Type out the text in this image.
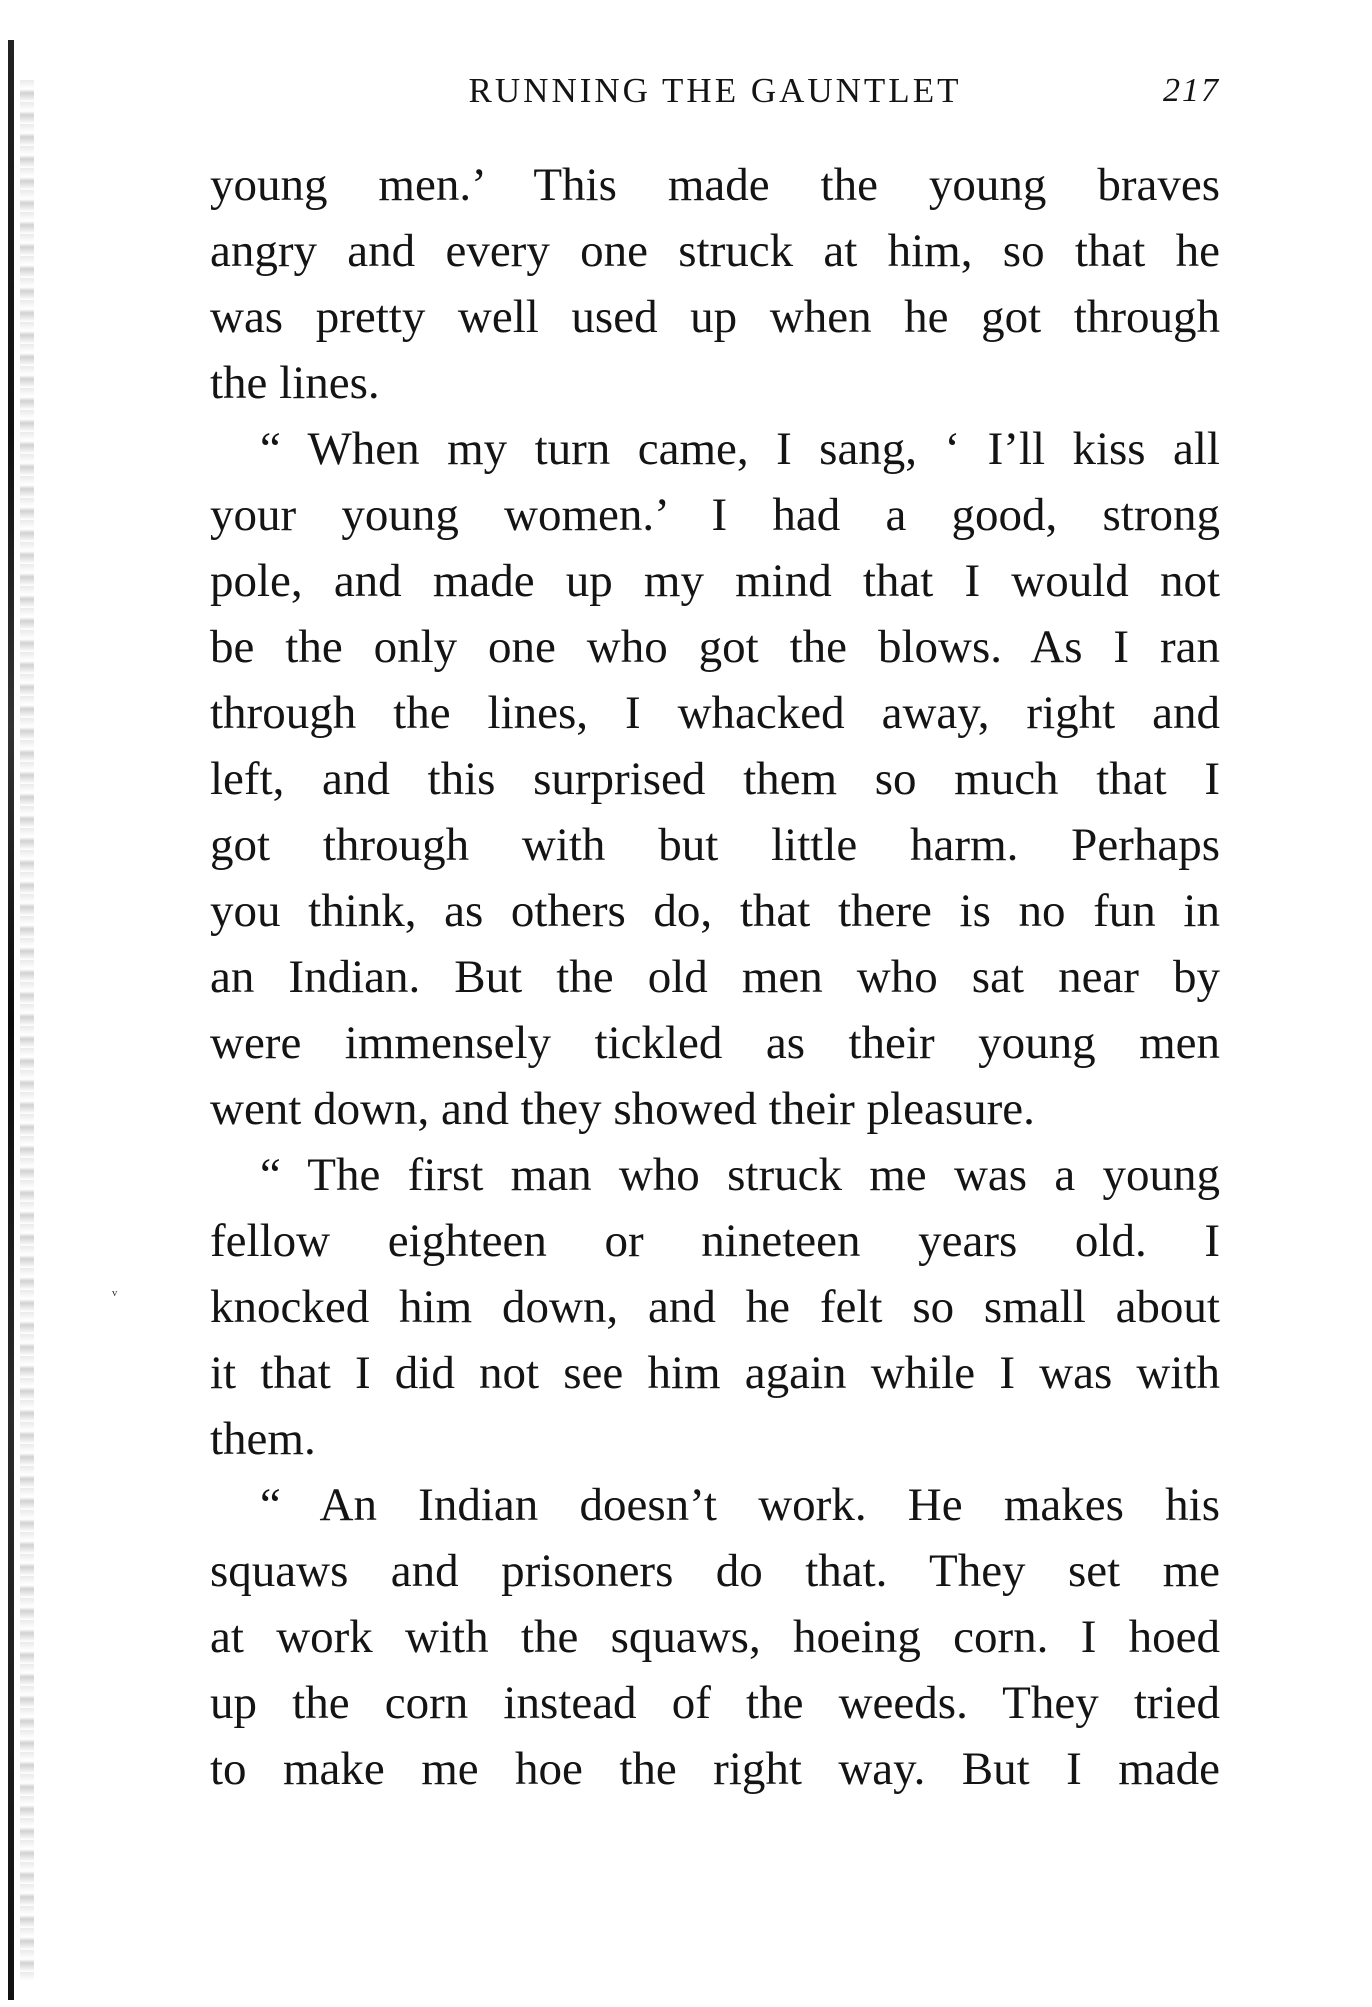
ᵛ
RUNNING THE GAUNTLET	217
young men.’ This made the young braves
angry and every one struck at him, so that he
was pretty well used up when he got through
the lines.
“ When my turn came, I sang, ‘ I’ll kiss all
your young women.’ I had a good, strong
pole, and made up my mind that I would not
be the only one who got the blows. As I ran
through the lines, I whacked away, right and
left, and this surprised them so much that I
got through with but little harm. Perhaps
you think, as others do, that there is no fun in
an Indian. But the old men who sat near by
were immensely tickled as their young men
went down, and they showed their pleasure.
“ The first man who struck me was a young
fellow eighteen or nineteen years old. I
knocked him down, and he felt so small about
it that I did not see him again while I was with
them.
“ An Indian doesn’t work. He makes his
squaws and prisoners do that. They set me
at work with the squaws, hoeing corn. I hoed
up the corn instead of the weeds. They tried
to make me hoe the right way. But I made
